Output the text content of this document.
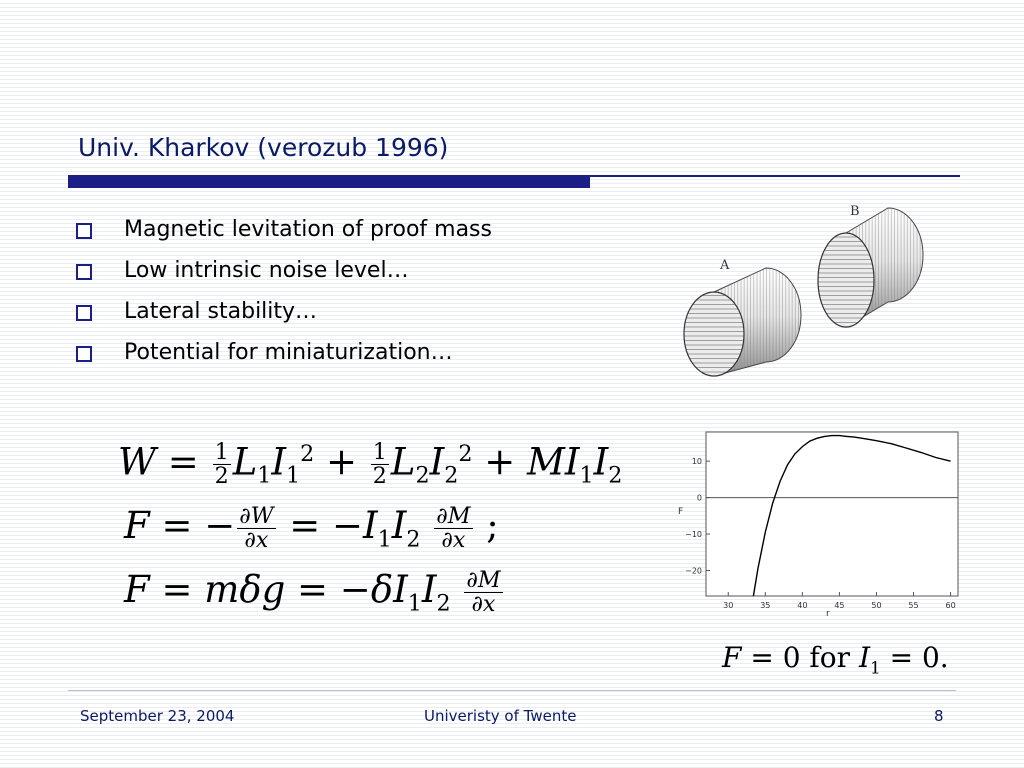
Univ. Kharkov (verozub 1996)
Magnetic levitation of proof mass
Low intrinsic noise level…
Lateral stability…
Potential for miniaturization…
B
A
$W = \frac{1}{2} L_1I_1^2 + \frac{1}{2} L_2I_2^2 + MI_1I_2$
F = − $\frac{\partial W}{\partial x} = -I_1I_2 \frac{\partial M}{\partial x}$ ;
$F = m\delta g = -\delta I_1I_2 \frac{\partial M}{\partial x}$
F = 0 for $I_1 = 0$.
10
0
−10
−20
30	35	40	45	50	55	60
F
r
September 23, 2004	Univeristy of Twente	8
